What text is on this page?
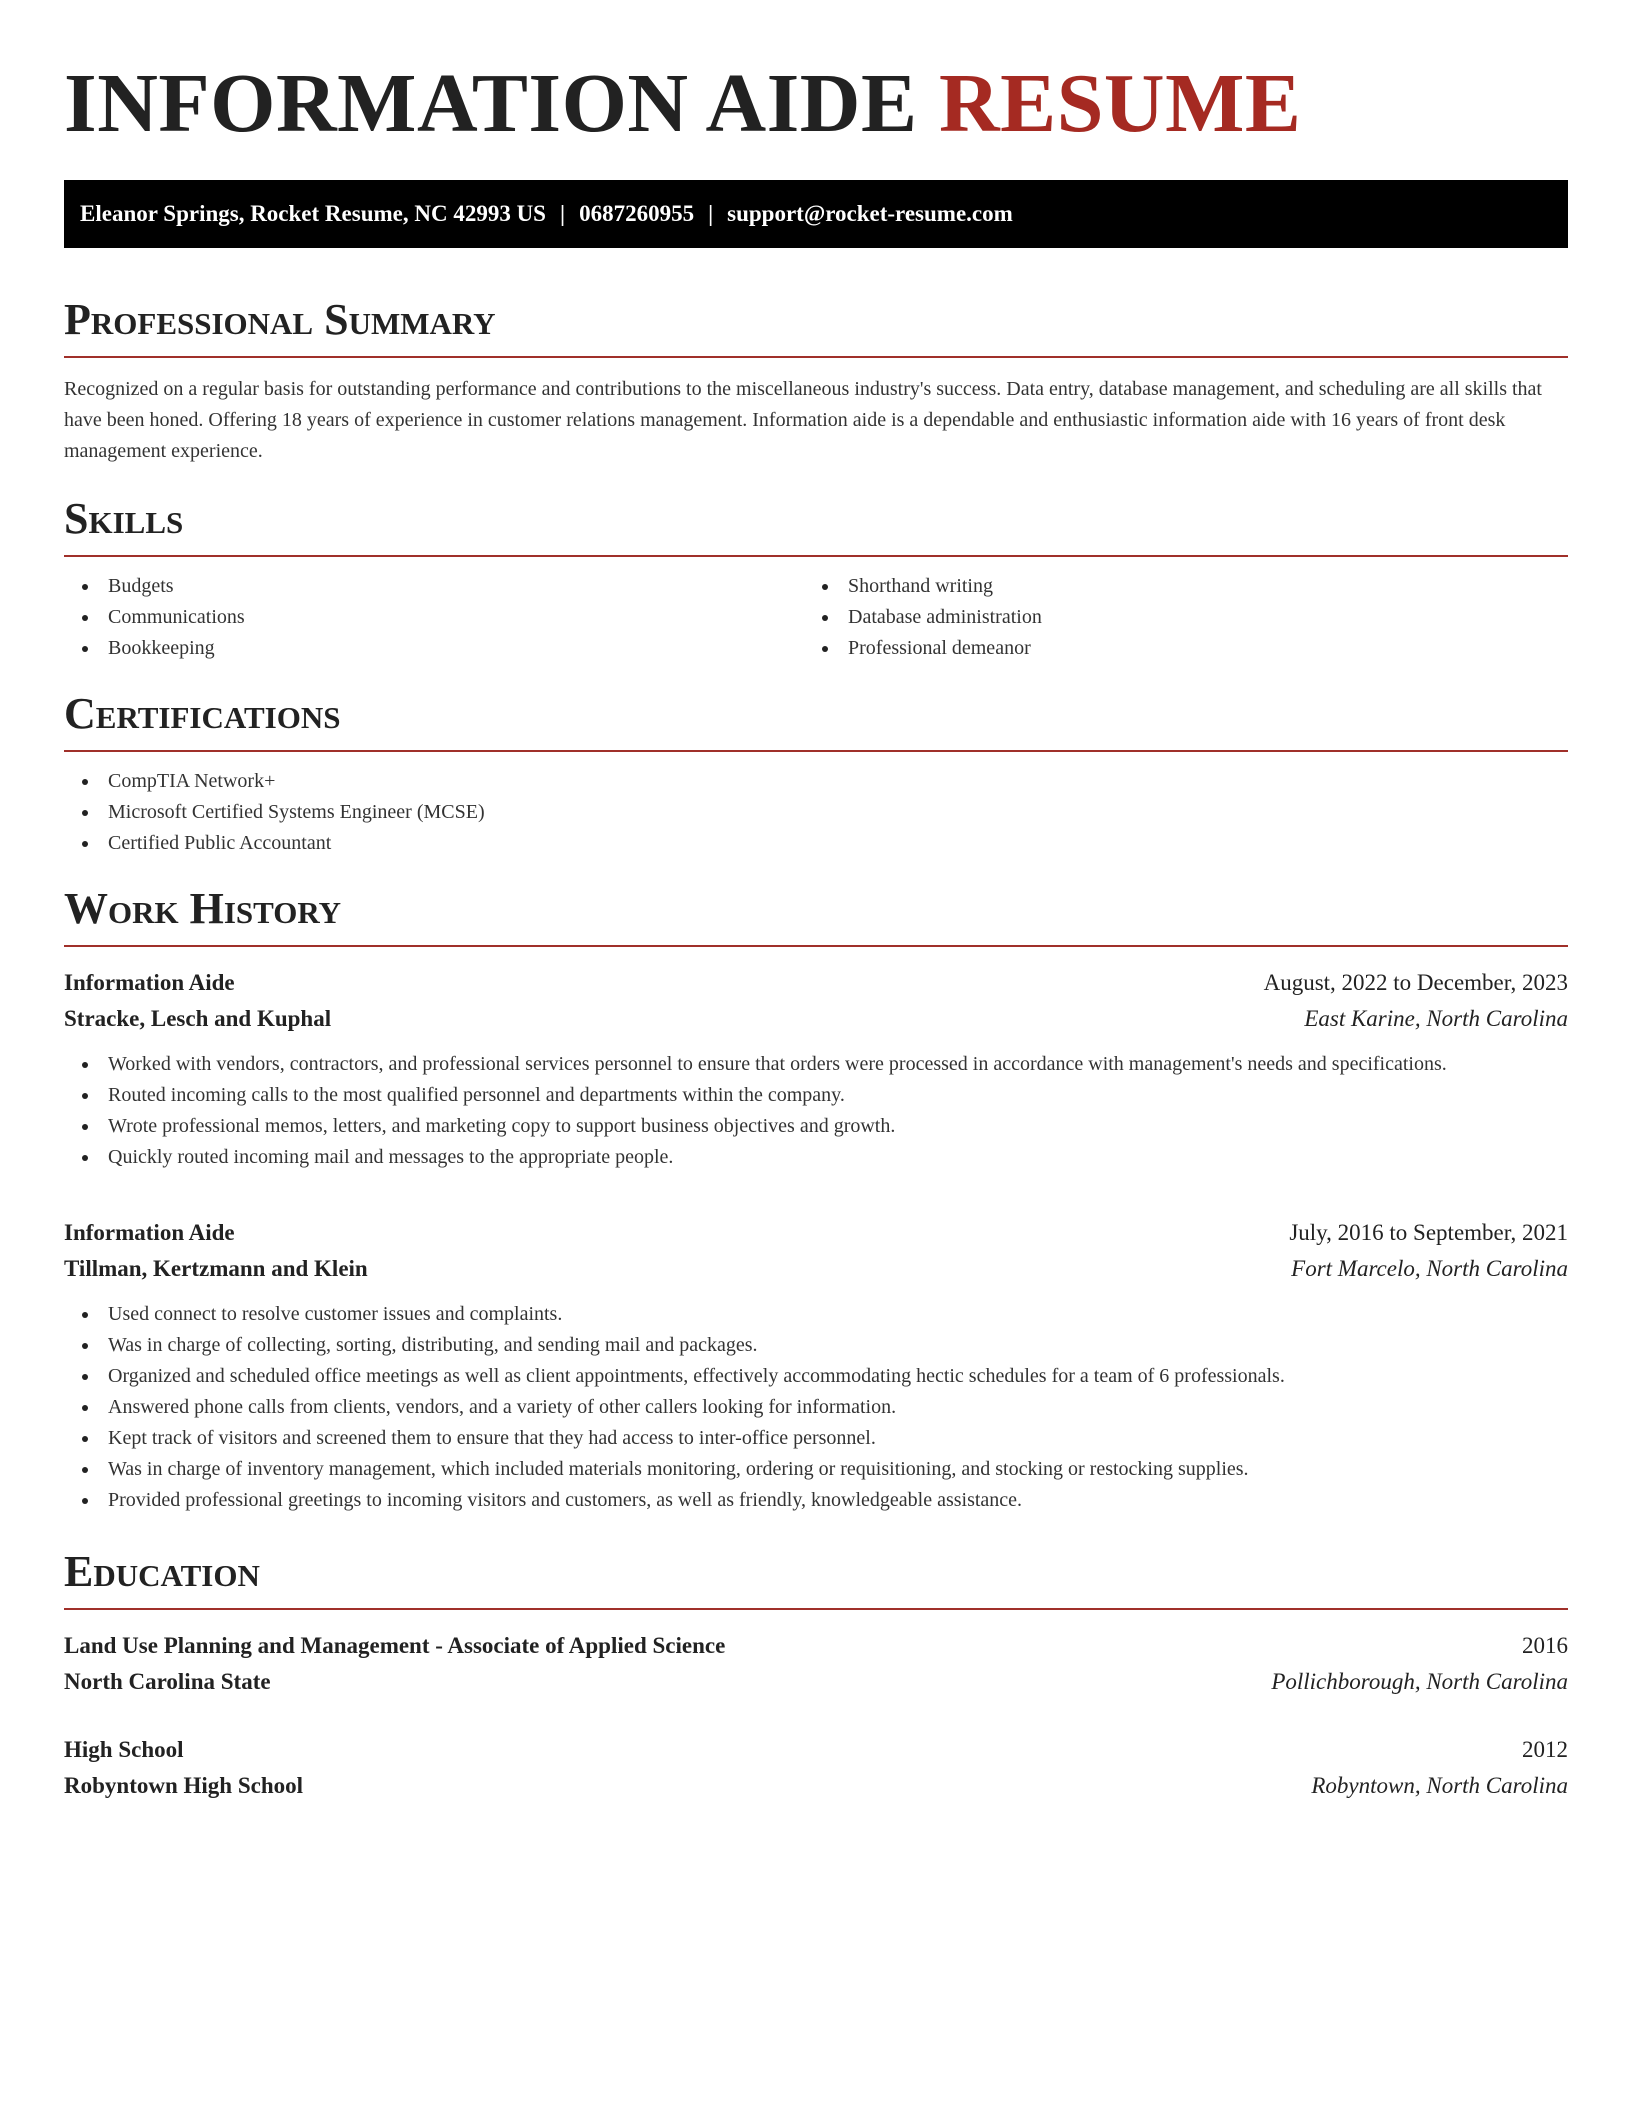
INFORMATION AIDE RESUME
Eleanor Springs, Rocket Resume, NC 42993 US | 0687260955 | support@rocket-resume.com
Professional Summary

Recognized on a regular basis for outstanding performance and contributions to the miscellaneous industry's success. Data entry, database management, and scheduling are all skills that have been honed. Offering 18 years of experience in customer relations management. Information aide is a dependable and enthusiastic information aide with 16 years of front desk management experience.

Skills
Budgets
Communications
Bookkeeping
Shorthand writing
Database administration
Professional demeanor
Certifications
CompTIA Network+
Microsoft Certified Systems Engineer (MCSE)
Certified Public Accountant
Work History
Information Aide	August, 2022 to December, 2023
Stracke, Lesch and Kuphal	East Karine, North Carolina
Worked with vendors, contractors, and professional services personnel to ensure that orders were processed in accordance with management's needs and specifications.
Routed incoming calls to the most qualified personnel and departments within the company.
Wrote professional memos, letters, and marketing copy to support business objectives and growth.
Quickly routed incoming mail and messages to the appropriate people.
Information Aide	July, 2016 to September, 2021
Tillman, Kertzmann and Klein	Fort Marcelo, North Carolina
Used connect to resolve customer issues and complaints.
Was in charge of collecting, sorting, distributing, and sending mail and packages.
Organized and scheduled office meetings as well as client appointments, effectively accommodating hectic schedules for a team of 6 professionals.
Answered phone calls from clients, vendors, and a variety of other callers looking for information.
Kept track of visitors and screened them to ensure that they had access to inter-office personnel.
Was in charge of inventory management, which included materials monitoring, ordering or requisitioning, and stocking or restocking supplies.
Provided professional greetings to incoming visitors and customers, as well as friendly, knowledgeable assistance.
Education
Land Use Planning and Management - Associate of Applied Science	2016
North Carolina State	Pollichborough, North Carolina
High School	2012
Robyntown High School	Robyntown, North Carolina
